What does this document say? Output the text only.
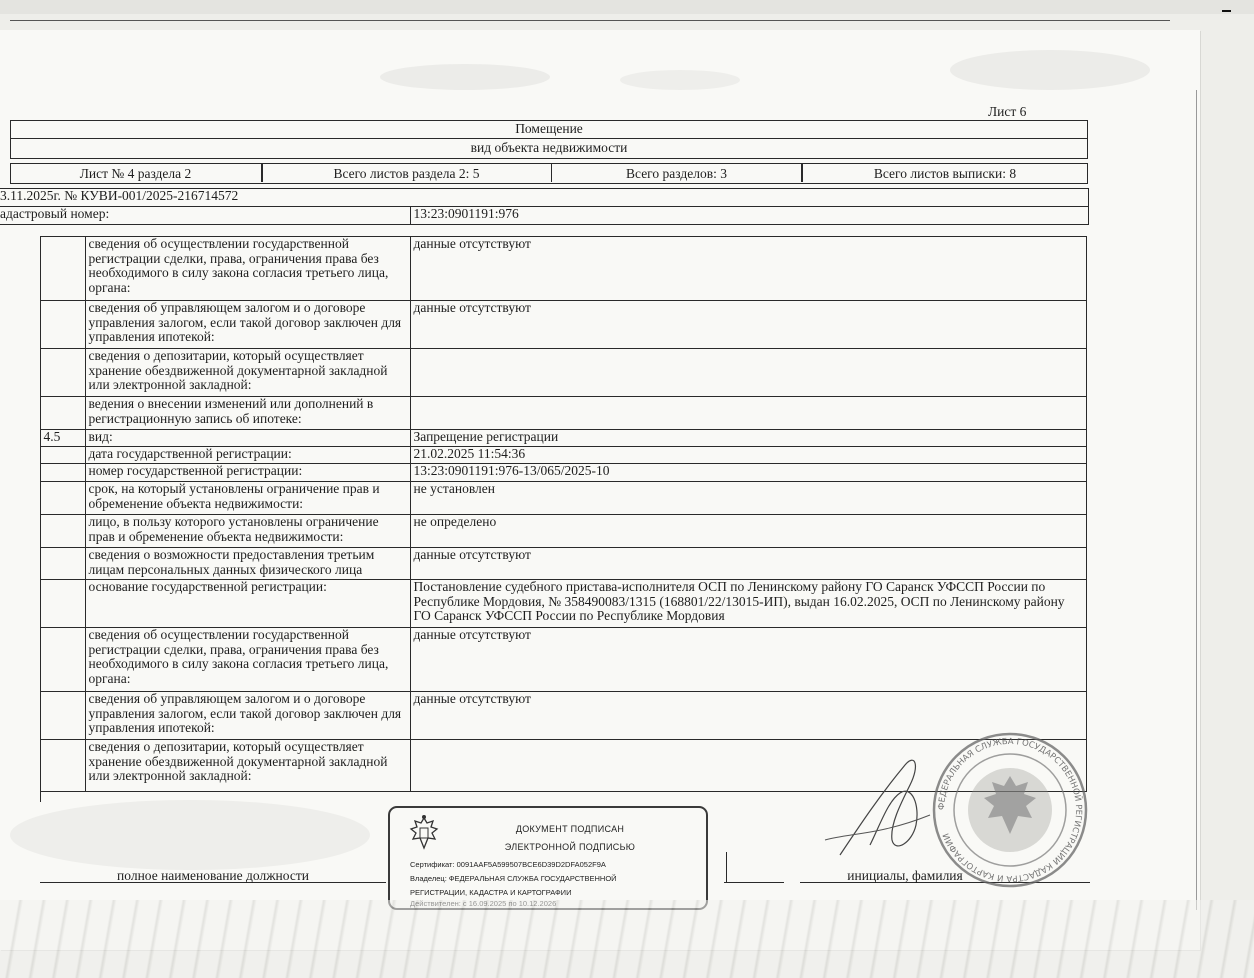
Лист 6
Помещение
вид объекта недвижимости
Лист № 4 раздела 2	Всего листов раздела 2: 5	Всего разделов: 3	Всего листов выписки: 8
3.11.2025г. № КУВИ-001/2025-216714572
адастровый номер:	13:23:0901191:976
		сведения об осуществлении государственной регистрации сделки, права, ограничения права без необходимого в силу закона согласия третьего лица, органа:	данные отсутствуют
		сведения об управляющем залогом и о договоре управления залогом, если такой договор заключен для управления ипотекой:	данные отсутствуют
		сведения о депозитарии, который осуществляет хранение обездвиженной документарной закладной или электронной закладной:	
		ведения о внесении изменений или дополнений в регистрационную запись об ипотеке:	
	4.5	вид:	Запрещение регистрации
		дата государственной регистрации:	21.02.2025 11:54:36
		номер государственной регистрации:	13:23:0901191:976-13/065/2025-10
		срок, на который установлены ограничение прав и обременение объекта недвижимости:	не установлен
		лицо, в пользу которого установлены ограничение прав и обременение объекта недвижимости:	не определено
		сведения о возможности предоставления третьим лицам персональных данных физического лица	данные отсутствуют
		основание государственной регистрации:	Постановление судебного пристава-исполнителя ОСП по Ленинскому району ГО Саранск УФССП России по Республике Мордовия, № 358490083/1315 (168801/22/13015-ИП), выдан 16.02.2025, ОСП по Ленинскому району ГО Саранск УФССП России по Республике Мордовия
		сведения об осуществлении государственной регистрации сделки, права, ограничения права без необходимого в силу закона согласия третьего лица, органа:	данные отсутствуют
		сведения об управляющем залогом и о договоре управления залогом, если такой договор заключен для управления ипотекой:	данные отсутствуют
		сведения о депозитарии, который осуществляет хранение обездвиженной документарной закладной или электронной закладной:	
полное наименование должности	инициалы, фамилия
ДОКУМЕНТ ПОДПИСАН
ЭЛЕКТРОННОЙ ПОДПИСЬЮ
Сертификат: 0091AAF5A599507BCE6D39D2DFA052F9A
Владелец: ФЕДЕРАЛЬНАЯ СЛУЖБА ГОСУДАРСТВЕННОЙ
РЕГИСТРАЦИИ, КАДАСТРА И КАРТОГРАФИИ
ФЕДЕРАЛЬНАЯ СЛУЖБА ГОСУДАРСТВЕННОЙ РЕГИСТРАЦИИ КАДАСТРА И КАРТОГРАФИИ
